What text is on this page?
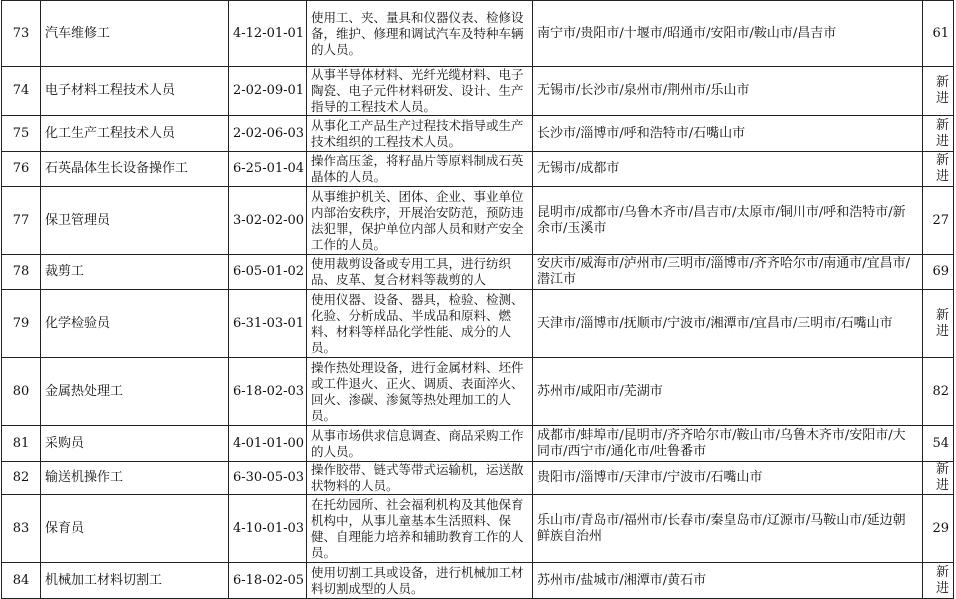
73	汽车维修工	4-12-01-01	使用工、夹、量具和仪器仪表、检修设备，维护、修理和调试汽车及特种车辆的人员。	南宁市/贵阳市/十堰市/昭通市/安阳市/鞍山市/昌吉市	61
74	电子材料工程技术人员	2-02-09-01	从事半导体材料、光纤光缆材料、电子陶瓷、电子元件材料研发、设计、生产指导的工程技术人员。	无锡市/长沙市/泉州市/荆州市/乐山市	新进
75	化工生产工程技术人员	2-02-06-03	从事化工产品生产过程技术指导或生产技术组织的工程技术人员。	长沙市/淄博市/呼和浩特市/石嘴山市	新进
76	石英晶体生长设备操作工	6-25-01-04	操作高压釜，将籽晶片等原料制成石英晶体的人员。	无锡市/成都市	新进
77	保卫管理员	3-02-02-00	从事维护机关、团体、企业、事业单位内部治安秩序，开展治安防范，预防违法犯罪，保护单位内部人员和财产安全工作的人员。	昆明市/成都市/乌鲁木齐市/昌吉市/太原市/铜川市/呼和浩特市/新余市/玉溪市	27
78	裁剪工	6-05-01-02	使用裁剪设备或专用工具，进行纺织品、皮革、复合材料等裁剪的人	安庆市/威海市/泸州市/三明市/淄博市/齐齐哈尔市/南通市/宜昌市/潜江市	69
79	化学检验员	6-31-03-01	使用仪器、设备、器具，检验、检测、化验、分析成品、半成品和原料、燃料、材料等样品化学性能、成分的人员。	天津市/淄博市/抚顺市/宁波市/湘潭市/宜昌市/三明市/石嘴山市	新进
80	金属热处理工	6-18-02-03	操作热处理设备，进行金属材料、坯件或工件退火、正火、调质、表面淬火、回火、渗碳、渗氮等热处理加工的人员。	苏州市/咸阳市/芜湖市	82
81	采购员	4-01-01-00	从事市场供求信息调查、商品采购工作的人员。	成都市/蚌埠市/昆明市/齐齐哈尔市/鞍山市/乌鲁木齐市/安阳市/大同市/西宁市/通化市/吐鲁番市	54
82	输送机操作工	6-30-05-03	操作胶带、链式等带式运输机，运送散状物料的人员。	贵阳市/淄博市/天津市/宁波市/石嘴山市	新进
83	保育员	4-10-01-03	在托幼园所、社会福利机构及其他保育机构中，从事儿童基本生活照料、保健、自理能力培养和辅助教育工作的人员。	乐山市/青岛市/福州市/长春市/秦皇岛市/辽源市/马鞍山市/延边朝鲜族自治州	29
84	机械加工材料切割工	6-18-02-05	使用切割工具或设备，进行机械加工材料切割成型的人员。	苏州市/盐城市/湘潭市/黄石市	新进
